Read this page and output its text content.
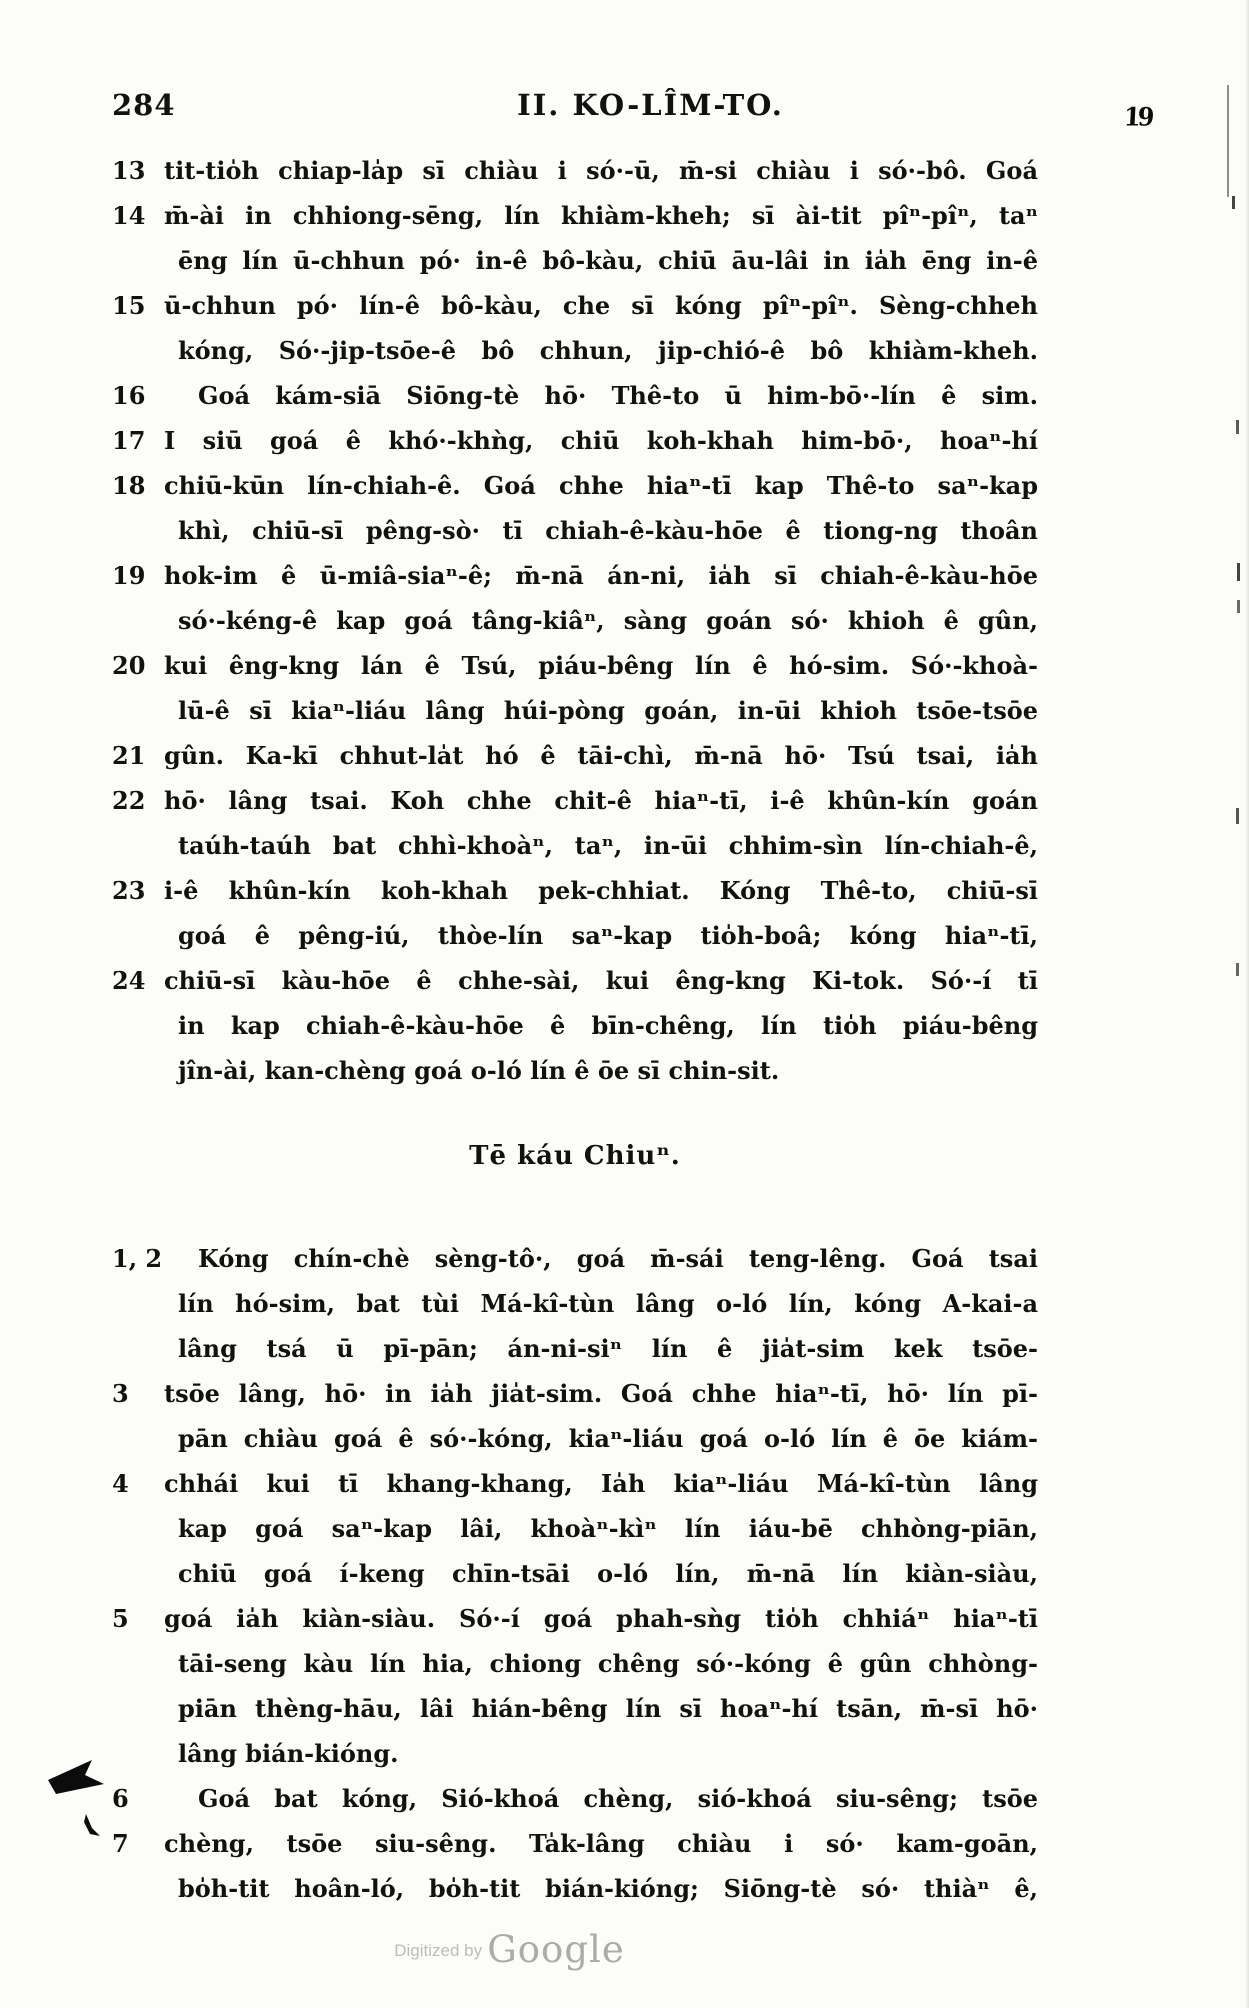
284	II. KO-LÎM-TO.	19
13 tit-tio̍h chiap-la̍p sī chiàu i só·-ū, m̄-si chiàu i só·-bô. Goá
14 m̄-ài in chhiong-sēng, lín khiàm-kheh; sī ài-tit pîⁿ-pîⁿ, taⁿ
ēng lín ū-chhun pó· in-ê bô-kàu, chiū āu-lâi in ia̍h ēng in-ê
15 ū-chhun pó· lín-ê bô-kàu, che sī kóng pîⁿ-pîⁿ. Sèng-chheh
kóng, Só·-jip-tsōe-ê bô chhun, jip-chió-ê bô khiàm-kheh.
16	Goá kám-siā Siōng-tè hō· Thê-to ū him-bō·-lín ê sim.
17 I siū goá ê khó·-khǹg, chiū koh-khah him-bō·, hoaⁿ-hí
18 chiū-kūn lín-chiah-ê. Goá chhe hiaⁿ-tī kap Thê-to saⁿ-kap
khì, chiū-sī pêng-sò· tī chiah-ê-kàu-hōe ê tiong-ng thoân
19 hok-im ê ū-miâ-siaⁿ-ê; m̄-nā án-ni, ia̍h sī chiah-ê-kàu-hōe
só·-kéng-ê kap goá tâng-kiâⁿ, sàng goán só· khioh ê gûn,
20 kui êng-kng lán ê Tsú, piáu-bêng lín ê hó-sim. Só·-khoà-
lū-ê sī kiaⁿ-liáu lâng húi-pòng goán, in-ūi khioh tsōe-tsōe
21 gûn. Ka-kī chhut-la̍t hó ê tāi-chì, m̄-nā hō· Tsú tsai, ia̍h
22 hō· lâng tsai. Koh chhe chit-ê hiaⁿ-tī, i-ê khûn-kín goán
taúh-taúh bat chhì-khoàⁿ, taⁿ, in-ūi chhim-sìn lín-chiah-ê,
23 i-ê khûn-kín koh-khah pek-chhiat. Kóng Thê-to, chiū-sī
goá ê pêng-iú, thòe-lín saⁿ-kap tio̍h-boâ; kóng hiaⁿ-tī,
24 chiū-sī kàu-hōe ê chhe-sài, kui êng-kng Ki-tok. Só·-í tī
in kap chiah-ê-kàu-hōe ê bīn-chêng, lín tio̍h piáu-bêng
jîn-ài, kan-chèng goá o-ló lín ê ōe sī chin-sit.
Tē káu Chiuⁿ.
1, 2	Kóng chín-chè sèng-tô·, goá m̄-sái teng-lêng. Goá tsai
lín hó-sim, bat tùi Má-kî-tùn lâng o-ló lín, kóng A-kai-a
lâng tsá ū pī-pān; án-ni-siⁿ lín ê jia̍t-sim kek tsōe-
3	tsōe lâng, hō· in ia̍h jia̍t-sim. Goá chhe hiaⁿ-tī, hō· lín pī-
pān chiàu goá ê só·-kóng, kiaⁿ-liáu goá o-ló lín ê ōe kiám-
4	chhái kui tī khang-khang, Ia̍h kiaⁿ-liáu Má-kî-tùn lâng
kap goá saⁿ-kap lâi, khoàⁿ-kìⁿ lín iáu-bē chhòng-piān,
chiū goá í-keng chīn-tsāi o-ló lín, m̄-nā lín kiàn-siàu,
5	goá ia̍h kiàn-siàu. Só·-í goá phah-sǹg tio̍h chhiáⁿ hiaⁿ-tī
tāi-seng kàu lín hia, chiong chêng só·-kóng ê gûn chhòng-
piān thèng-hāu, lâi hián-bêng lín sī hoaⁿ-hí tsān, m̄-sī hō·
lâng bián-kióng.
6	Goá bat kóng, Sió-khoá chèng, sió-khoá siu-sêng; tsōe
7	chèng, tsōe siu-sêng. Ta̍k-lâng chiàu i só· kam-goān,
bo̍h-tit hoân-ló, bo̍h-tit bián-kióng; Siōng-tè só· thiàⁿ ê,
Digitized by Google
